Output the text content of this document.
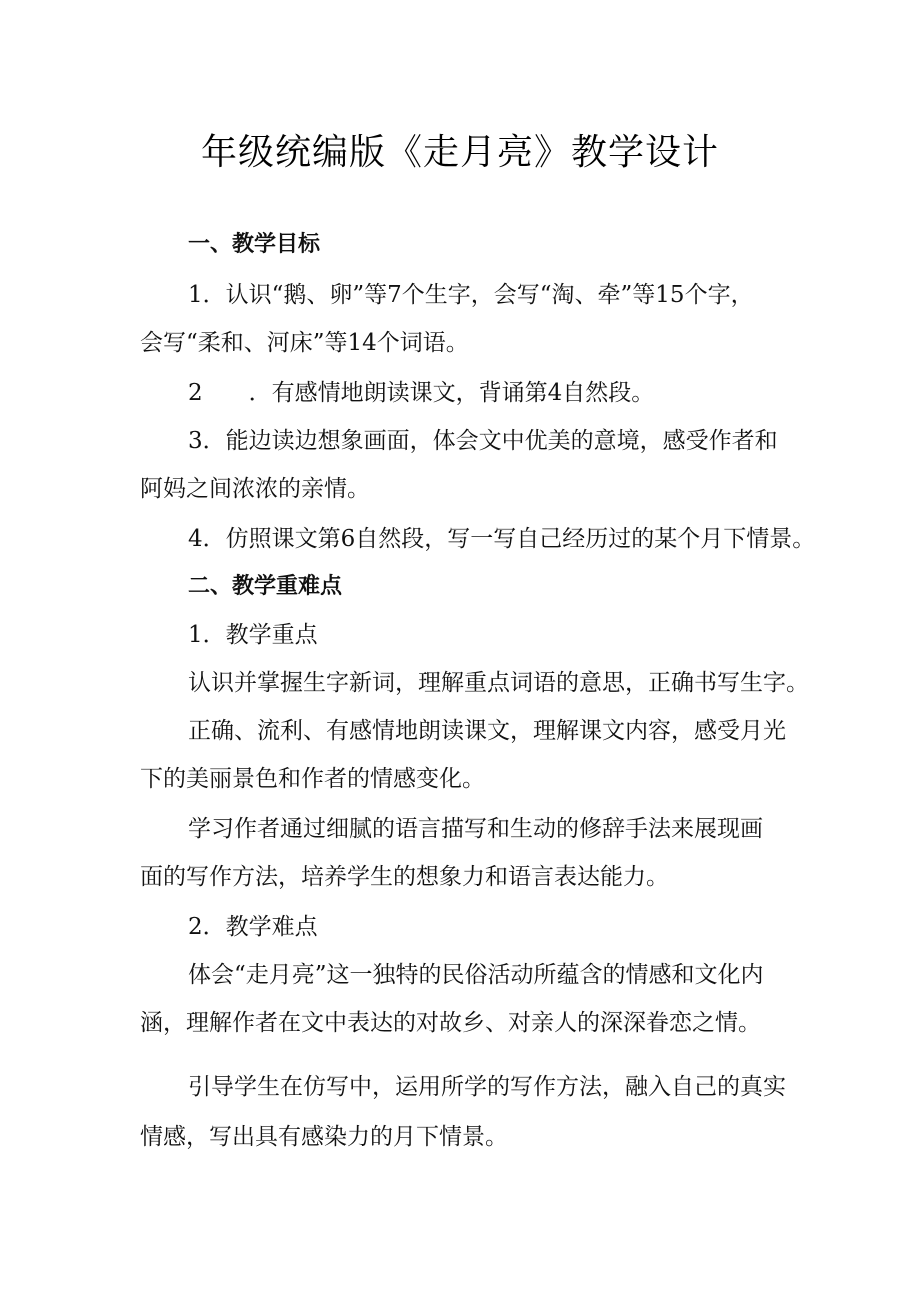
年级统编版《走月亮》教学设计
一、教学目标
1．认识“鹅、卵”等7个生字，会写“淘、牵”等15个字，
会写“柔和、河床”等14个词语。
2　　．有感情地朗读课文，背诵第4自然段。
3．能边读边想象画面，体会文中优美的意境，感受作者和
阿妈之间浓浓的亲情。
4．仿照课文第6自然段，写一写自己经历过的某个月下情景。
二、教学重难点
1．教学重点
认识并掌握生字新词，理解重点词语的意思，正确书写生字。
正确、流利、有感情地朗读课文，理解课文内容，感受月光
下的美丽景色和作者的情感变化。
学习作者通过细腻的语言描写和生动的修辞手法来展现画
面的写作方法，培养学生的想象力和语言表达能力。
2．教学难点
体会“走月亮”这一独特的民俗活动所蕴含的情感和文化内
涵，理解作者在文中表达的对故乡、对亲人的深深眷恋之情。
引导学生在仿写中，运用所学的写作方法，融入自己的真实
情感，写出具有感染力的月下情景。
